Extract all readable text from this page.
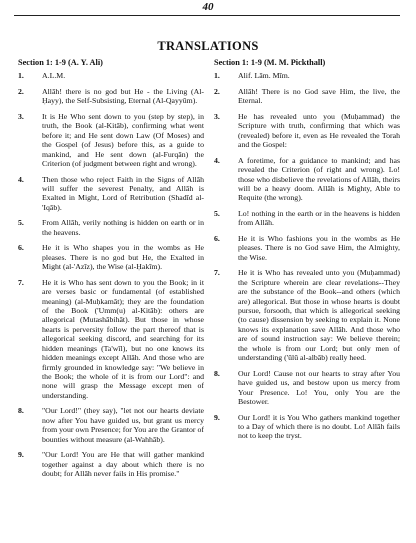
40
TRANSLATIONS
Section 1: 1-9 (A. Y. Ali)
1.	A.L.M.
2.	Allāh! there is no god but He - the Living (Al-Ḥayy), the Self-Subsisting, Eternal (Al-Qayyūm).
3.	It is He Who sent down to you (step by step), in truth, the Book (al-Kitāb), confirming what went before it; and He sent down Law (Of Moses) and the Gospel (of Jesus) before this, as a guide to mankind, and He sent down (al-Furqān) the Criterion (of judgment between right and wrong).
4.	Then those who reject Faith in the Signs of Allāh will suffer the severest Penalty, and Allāh is Exalted in Might, Lord of Retribution (Shadīd al-'Iqāb).
5.	From Allāh, verily nothing is hidden on earth or in the heavens.
6.	He it is Who shapes you in the wombs as He pleases. There is no god but He, the Exalted in Might (al-'Azīz), the Wise (al-Ḥakīm).
7.	He it is Who has sent down to you the Book; in it are verses basic or fundamental (of established meaning) (al-Muḥkamāt); they are the foundation of the Book ('Umm(u) al-Kitāb): others are allegorical (Mutashābihāt). But those in whose hearts is perversity follow the part thereof that is allegorical seeking discord, and searching for its hidden meanings (Ta'wīl), but no one knows its hidden meanings except Allāh. And those who are firmly grounded in knowledge say: "We believe in the Book; the whole of it is from our Lord": and none will grasp the Message except men of understanding.
8.	"Our Lord!" (they say), "let not our hearts deviate now after You have guided us, but grant us mercy from your own Presence; for You are the Grantor of bounties without measure (al-Wahhāb).
9.	"Our Lord! You are He that will gather mankind together against a day about which there is no doubt; for Allāh never fails in His promise."
Section 1: 1-9 (M. M. Pickthall)
1.	Alif. Lām. Mīm.
2.	Allāh! There is no God save Him, the live, the Eternal.
3.	He has revealed unto you (Muḥammad) the Scripture with truth, confirming that which was (revealed) before it, even as He revealed the Torah and the Gospel:
4.	A foretime, for a guidance to mankind; and has revealed the Criterion (of right and wrong). Lo! those who disbelieve the revelations of Allāh, theirs will be a heavy doom. Allāh is Mighty, Able to Requite (the wrong).
5.	Lo! nothing in the earth or in the heavens is hidden from Allāh.
6.	He it is Who fashions you in the wombs as He pleases. There is no God save Him, the Almighty, the Wise.
7.	He it is Who has revealed unto you (Muḥammad) the Scripture wherein are clear revelations--They are the substance of the Book--and others (which are) allegorical. But those in whose hearts is doubt pursue, forsooth, that which is allegorical seeking (to cause) dissension by seeking to explain it. None knows its explanation save Allāh. And those who are of sound instruction say: We believe therein; the whole is from our Lord; but only men of understanding ('ūlū al-albāb) really heed.
8.	Our Lord! Cause not our hearts to stray after You have guided us, and bestow upon us mercy from Your Presence. Lo! You, only You are the Bestower.
9.	Our Lord! it is You Who gathers mankind together to a Day of which there is no doubt. Lo! Allāh fails not to keep the tryst.
